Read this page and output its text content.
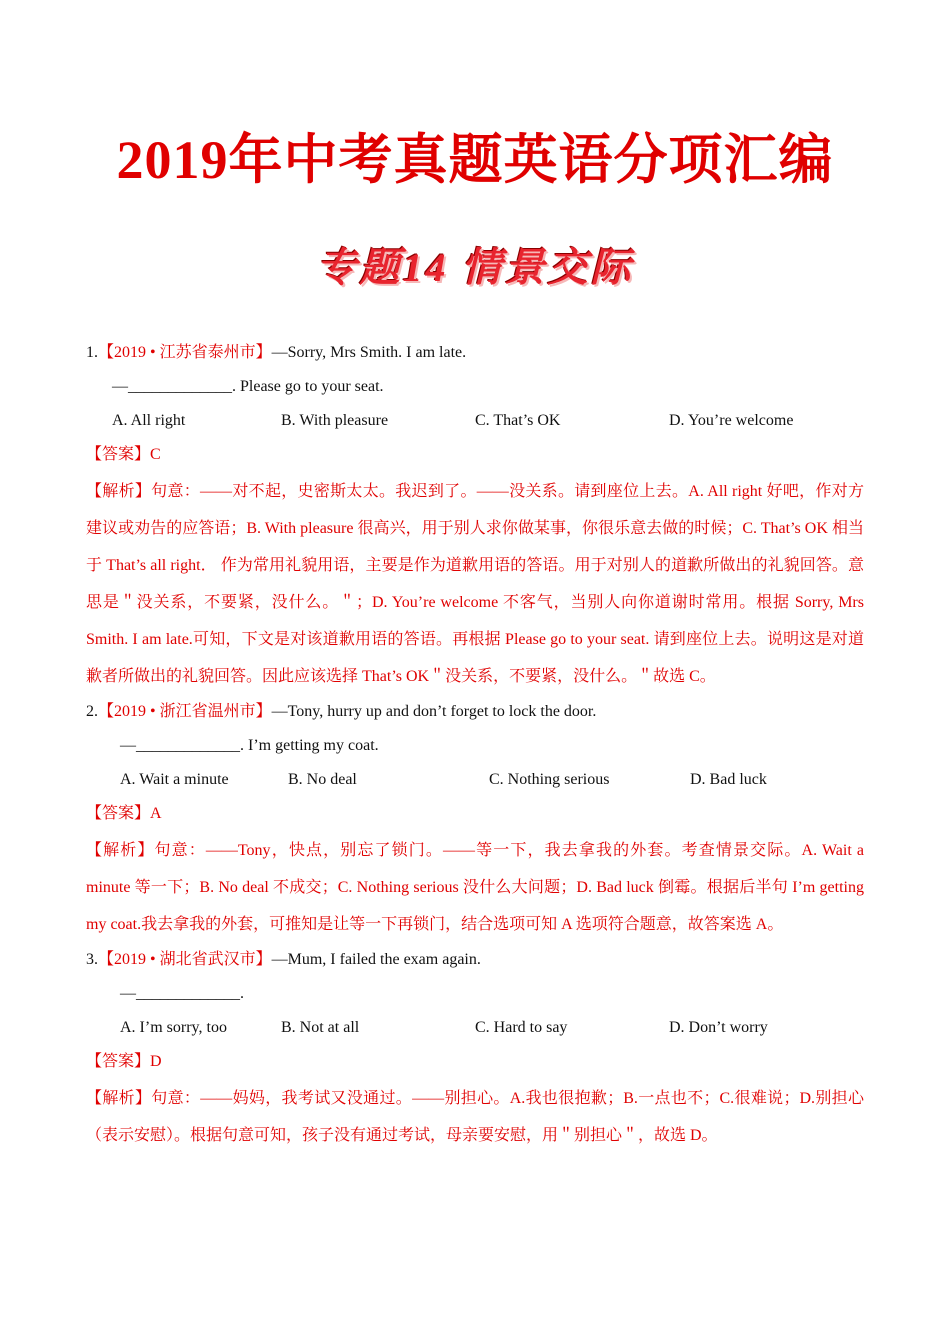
2019年中考真题英语分项汇编
专题14 情景交际
1.【2019 • 江苏省泰州市】—Sorry, Mrs Smith. I am late.
—_____________. Please go to your seat.
A. All right	B. With pleasure	C. That’s OK	D. You’re welcome
【答案】C

【解析】句意：——对不起，史密斯太太。我迟到了。——没关系。请到座位上去。A. All right 好吧，作对方建议或劝告的应答语；B. With pleasure 很高兴，用于别人求你做某事，你很乐意去做的时候；C. That’s OK 相当于 That’s all right． 作为常用礼貌用语，主要是作为道歉用语的答语。用于对别人的道歉所做出的礼貌回答。意思是＂没关系，不要紧，没什么。＂；D. You’re welcome 不客气，当别人向你道谢时常用。根据 Sorry, Mrs Smith. I am late.可知，下文是对该道歉用语的答语。再根据 Please go to your seat. 请到座位上去。说明这是对道歉者所做出的礼貌回答。因此应该选择 That’s OK＂没关系，不要紧，没什么。＂故选 C。

2.【2019 • 浙江省温州市】—Tony, hurry up and don’t forget to lock the door.
—_____________. I’m getting my coat.
A. Wait a minute	B. No deal	C. Nothing serious	D. Bad luck
【答案】A

【解析】句意：——Tony，快点，别忘了锁门。——等一下，我去拿我的外套。考查情景交际。A. Wait a minute 等一下；B. No deal 不成交；C. Nothing serious 没什么大问题；D. Bad luck 倒霉。根据后半句 I’m getting my coat.我去拿我的外套，可推知是让等一下再锁门，结合选项可知 A 选项符合题意，故答案选 A。

3.【2019 • 湖北省武汉市】—Mum, I failed the exam again.
—_____________.
A. I’m sorry, too	B. Not at all	C. Hard to say	D. Don’t worry
【答案】D

【解析】句意：——妈妈，我考试又没通过。——别担心。A.我也很抱歉；B.一点也不；C.很难说；D.别担心（表示安慰）。根据句意可知，孩子没有通过考试，母亲要安慰，用＂别担心＂，故选 D。
